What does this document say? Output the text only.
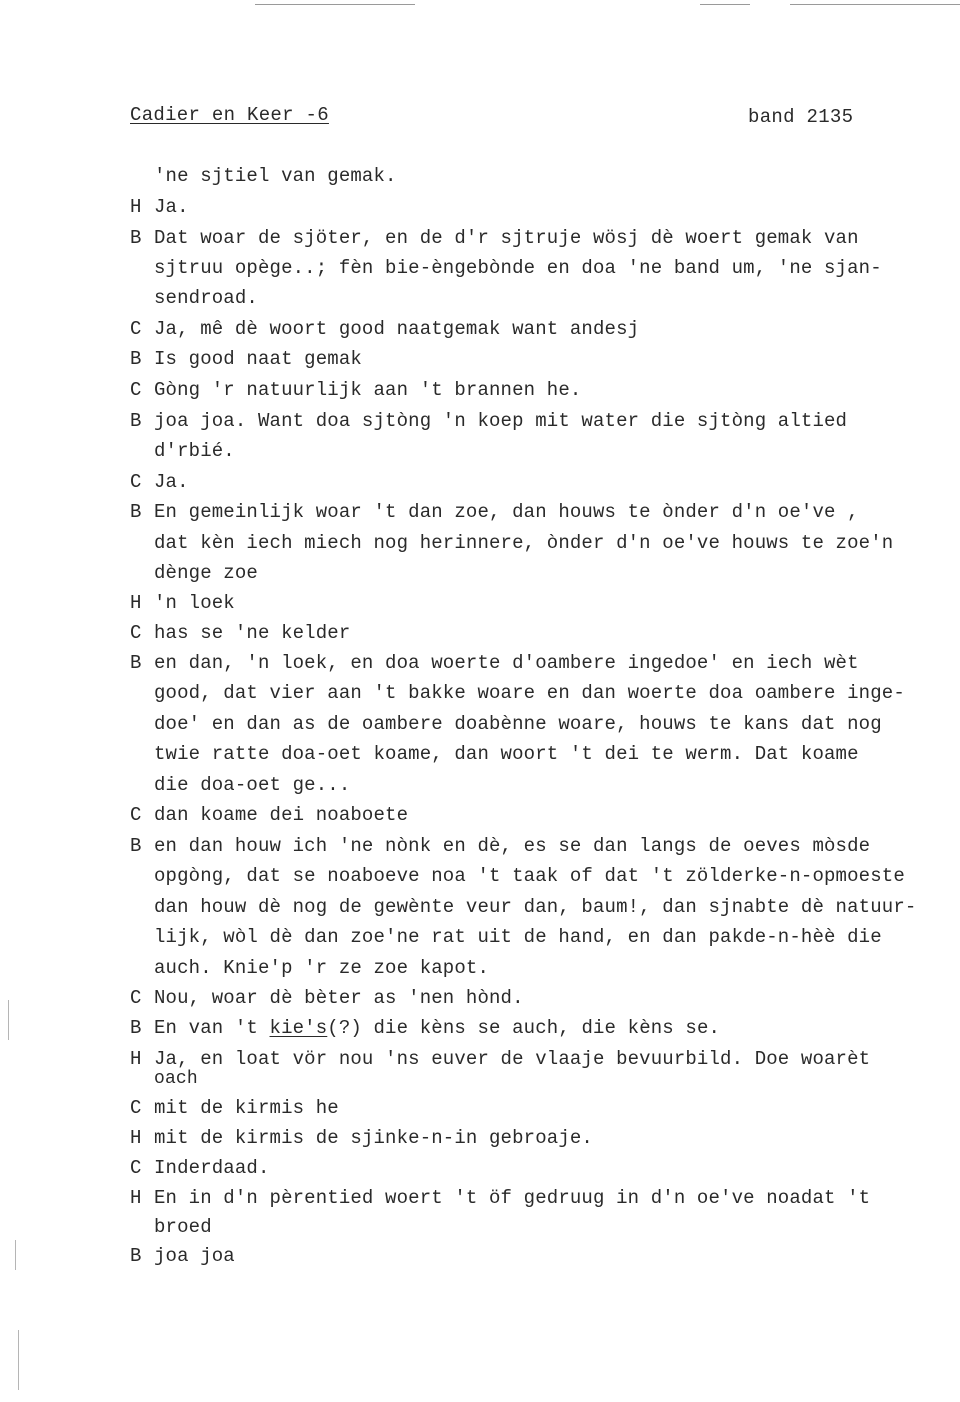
Cadier en Keer -6	band 2135
'ne sjtiel van gemak.
H Ja.
B Dat woar de sjöter, en de d'r sjtruje wösj dè woert gemak van
sjtruu opège..; fèn bie-èngebònde en doa 'ne band um, 'ne sjan-
sendroad.
C Ja, mê dè woort good naatgemak want andesj
B Is good naat gemak
C Gòng 'r natuurlijk aan 't brannen he.
B joa joa. Want doa sjtòng 'n koep mit water die sjtòng altied
d'rbié.
C Ja.
B En gemeinlijk woar 't dan zoe, dan houws te ònder d'n oe've ,
dat kèn iech miech nog herinnere, ònder d'n oe've houws te zoe'n
dènge zoe
H 'n loek
C has se 'ne kelder
B en dan, 'n loek, en doa woerte d'oambere ingedoe' en iech wèt
good, dat vier aan 't bakke woare en dan woerte doa oambere inge-
doe' en dan as de oambere doabènne woare, houws te kans dat nog
twie ratte doa-oet koame, dan woort 't dei te werm. Dat koame
die doa-oet ge...
C dan koame dei noaboete
B en dan houw ich 'ne nònk en dè, es se dan langs de oeves mòsde
opgòng, dat se noaboeve noa 't taak of dat 't zölderke-n-opmoeste
dan houw dè nog de gewènte veur dan, baum!, dan sjnabte dè natuur-
lijk, wòl dè dan zoe'ne rat uit de hand, en dan pakde-n-hèè die
auch. Knie'p 'r ze zoe kapot.
C Nou, woar dè bèter as 'nen hònd.
B En van 't kie's(?) die kèns se auch, die kèns se.
H Ja, en loat vör nou 'ns euver de vlaaje bevuurbild. Doe woarèt
oach
C mit de kirmis he
H mit de kirmis de sjinke-n-in gebroaje.
C Inderdaad.
H En in d'n pèrentied woert 't öf gedruug in d'n oe've noadat 't
broed
B joa joa
